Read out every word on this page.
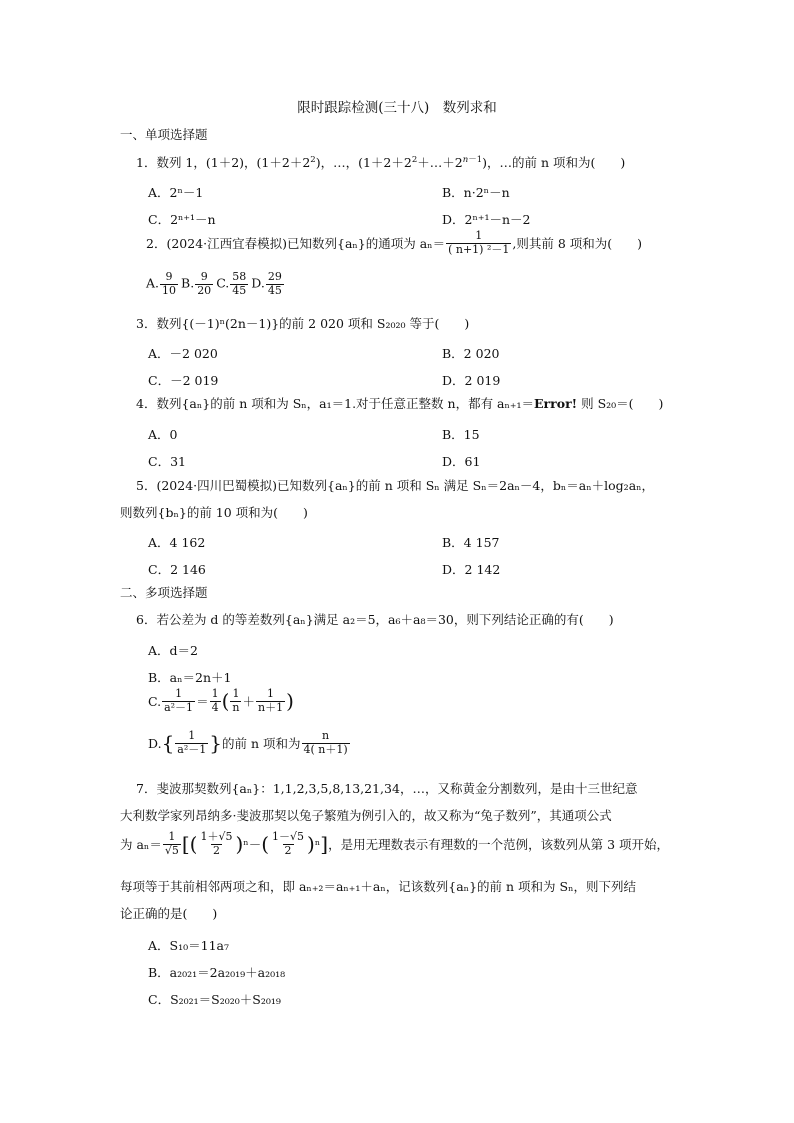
限时跟踪检测(三十八)　数列求和
一、单项选择题
1．数列 1，(1＋2)，$(1+2+2^2)$，…，$(1+2+2^2+\dots+2^{n-1})$，…的前 n 项和为(　　)
A．2ⁿ－1	B．n·2ⁿ－n
C．2ⁿ⁺¹－n	D．2ⁿ⁺¹－n－2
2．(2024·江西宜春模拟)已知数列{aₙ}的通项为 $a_n= \frac{1}{\text{( n+1) ²－1}}$ ,则其前 8 项和为(　　)
A. $\frac{9}{10} B$. $\frac{9}{20} C$. $\frac{58}{45} D$. $\frac{29}{45}$
3．数列{(－1)ⁿ(2n－1)}的前 2 020 项和 S₂₀₂₀ 等于(　　)
A．－2 020	B．2 020
C．－2 019	D．2 019
4．数列{aₙ}的前 n 项和为 Sₙ，a₁＝1.对于任意正整数 n，都有 aₙ₊₁＝Error! 则 S₂₀＝(　　)
A．0	B．15
C．31	D．61
5．(2024·四川巴蜀模拟)已知数列{aₙ}的前 n 项和 Sₙ 满足 Sₙ＝2aₙ－4，bₙ＝aₙ＋log₂aₙ，
则数列{bₙ}的前 10 项和为(　　)
A．4 162	B．4 157
C．2 146	D．2 142
二、多项选择题
6．若公差为 d 的等差数列{aₙ}满足 a₂＝5，a₆＋a₈＝30，则下列结论正确的有(　　)
A．d＝2
B．aₙ＝2n＋1
C. $\frac{1}{\text{a²－1}} = \frac{1}{4}$ ( $\frac{1}{n} + \frac{1}{n+1}$ )
D. { $\frac{1}{\text{a²－1}}$ } 的前 n 项和为 $\frac{n}{4( n+1)}$
7．斐波那契数列{aₙ}：1,1,2,3,5,8,13,21,34，…，又称黄金分割数列，是由十三世纪意
大利数学家列昂纳多·斐波那契以兔子繁殖为例引入的，故又称为“兔子数列”，其通项公式
为 $a_n= \frac{1}{√5}$ [( $\frac{1+√5}{2}$ ) ⁿ－ ( $\frac{1-√5}{2}$ ) ⁿ ] ，是用无理数表示有理数的一个范例，该数列从第 3 项开始，
每项等于其前相邻两项之和，即 aₙ₊₂＝aₙ₊₁＋aₙ，记该数列{aₙ}的前 n 项和为 Sₙ，则下列结
论正确的是(　　)
A．S₁₀＝11a₇
B．a₂₀₂₁＝2a₂₀₁₉＋a₂₀₁₈
C．S₂₀₂₁＝S₂₀₂₀＋S₂₀₁₉
